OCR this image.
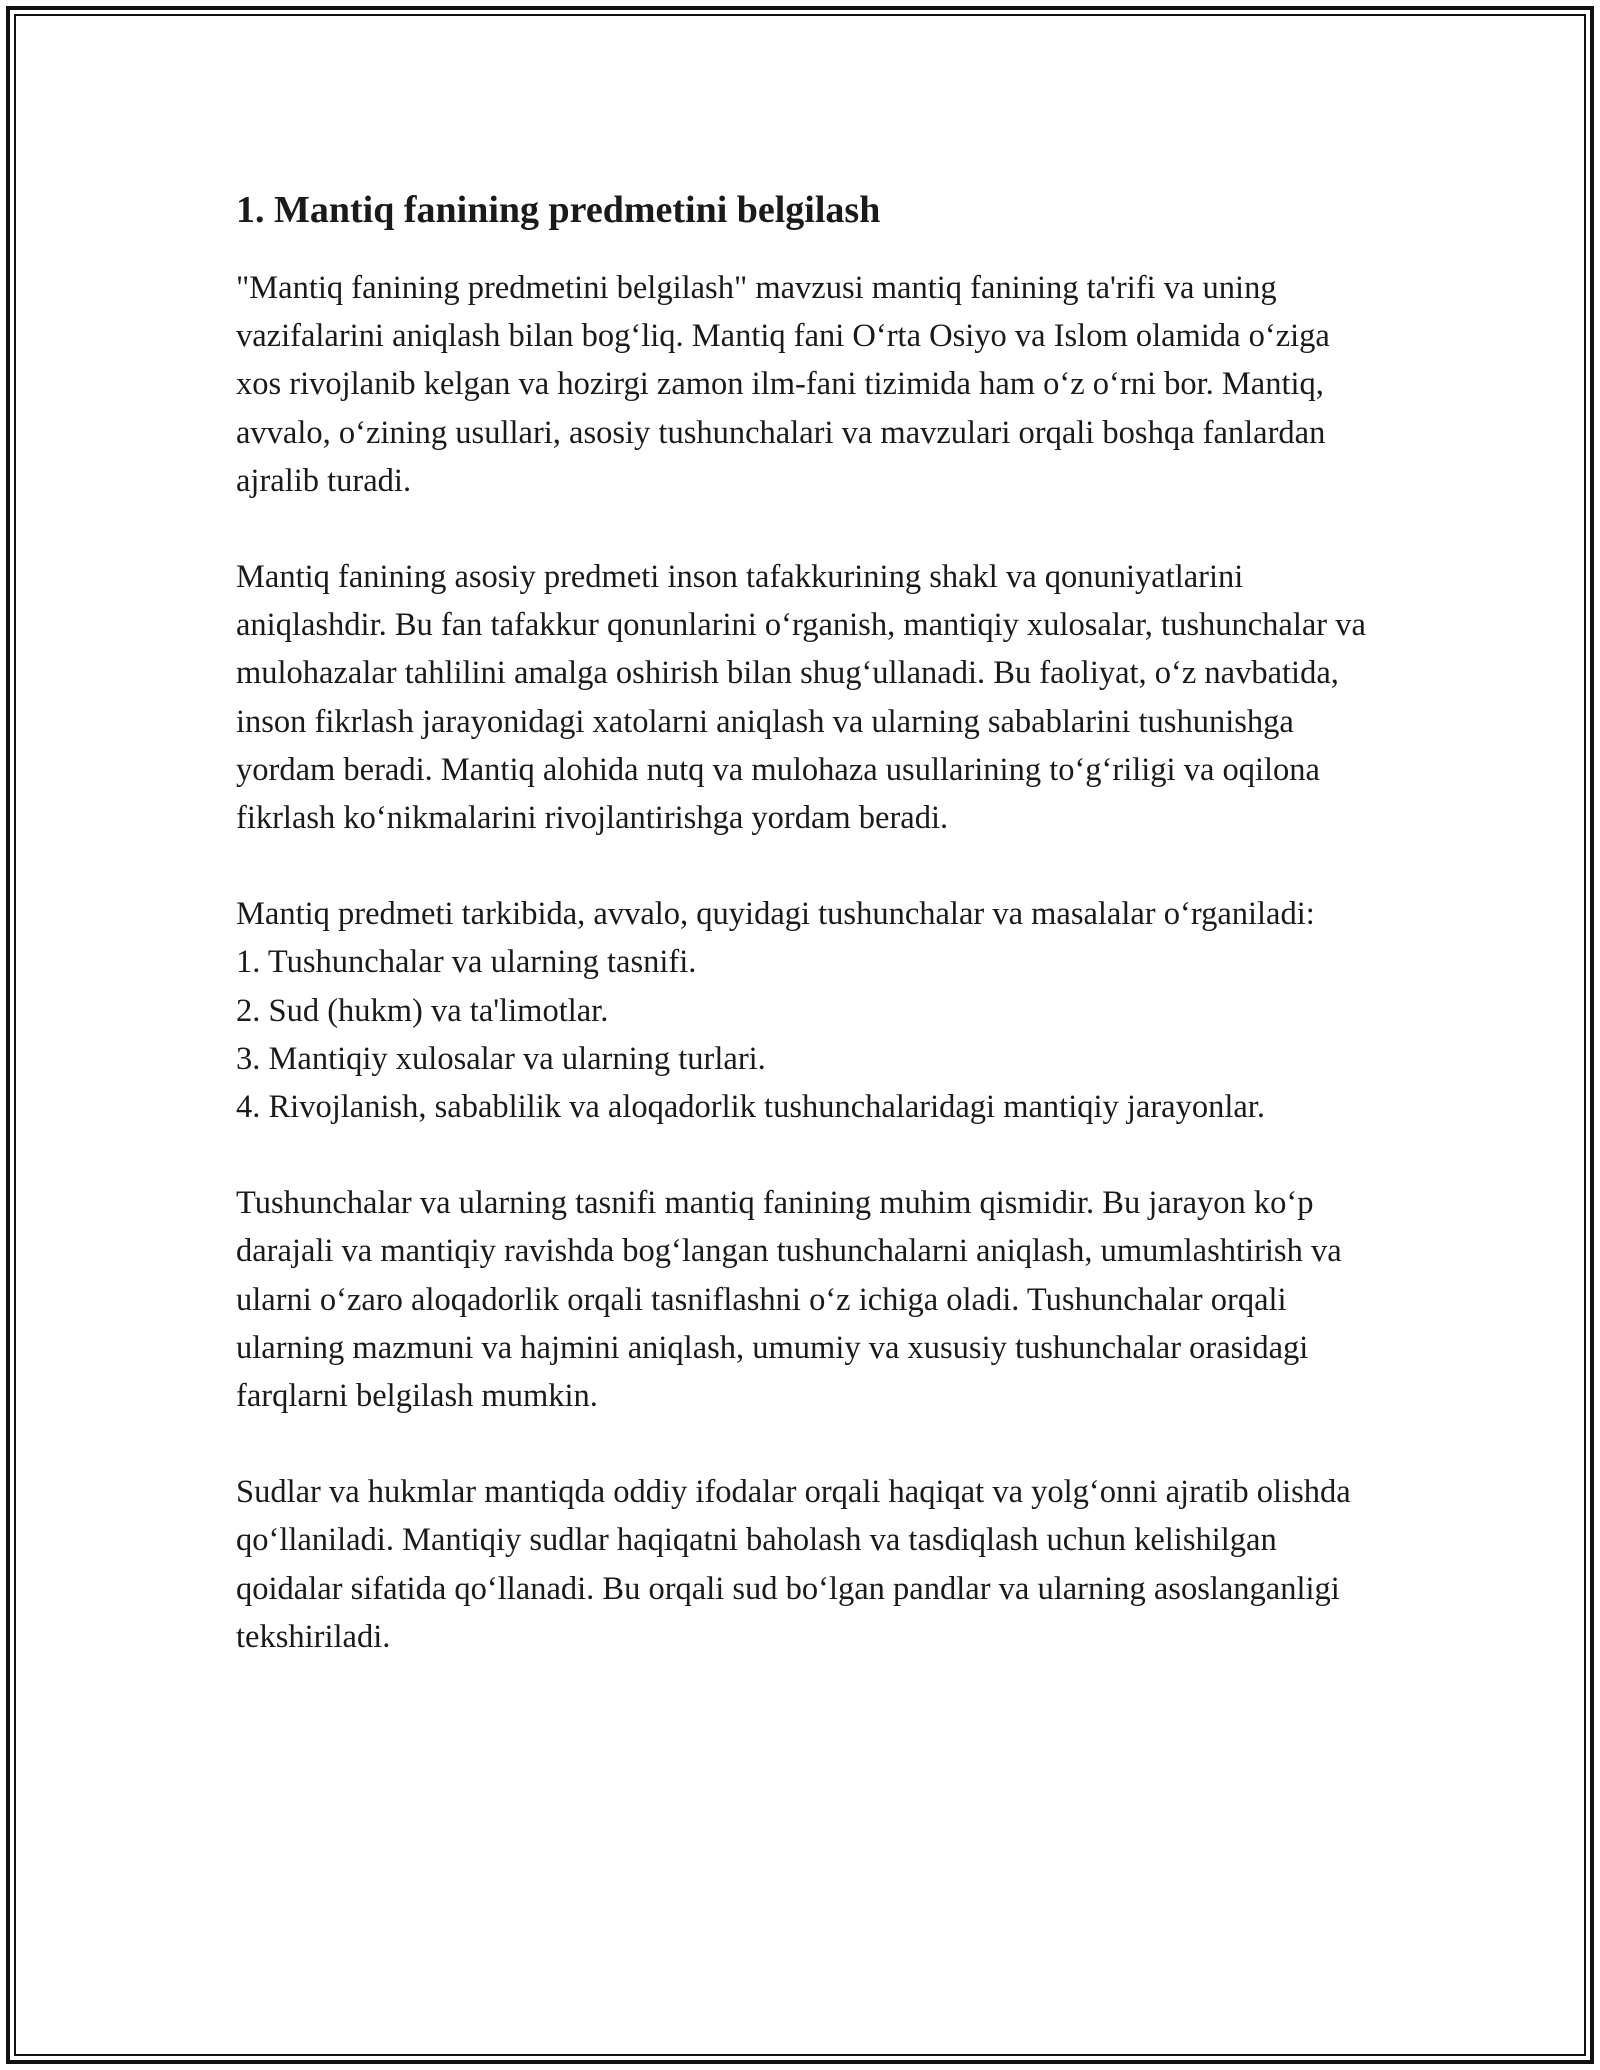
1. Mantiq fanining predmetini belgilash

"Mantiq fanining predmetini belgilash" mavzusi mantiq fanining ta'rifi va uning vazifalarini aniqlash bilan bog‘liq. Mantiq fani O‘rta Osiyo va Islom olamida o‘ziga xos rivojlanib kelgan va hozirgi zamon ilm-fani tizimida ham o‘z o‘rni bor. Mantiq, avvalo, o‘zining usullari, asosiy tushunchalari va mavzulari orqali boshqa fanlardan ajralib turadi.

Mantiq fanining asosiy predmeti inson tafakkurining shakl va qonuniyatlarini aniqlashdir. Bu fan tafakkur qonunlarini o‘rganish, mantiqiy xulosalar, tushunchalar va mulohazalar tahlilini amalga oshirish bilan shug‘ullanadi. Bu faoliyat, o‘z navbatida, inson fikrlash jarayonidagi xatolarni aniqlash va ularning sabablarini tushunishga yordam beradi. Mantiq alohida nutq va mulohaza usullarining to‘g‘riligi va oqilona fikrlash ko‘nikmalarini rivojlantirishga yordam beradi.

Mantiq predmeti tarkibida, avvalo, quyidagi tushunchalar va masalalar o‘rganiladi:

1. Tushunchalar va ularning tasnifi.
2. Sud (hukm) va ta'limotlar.
3. Mantiqiy xulosalar va ularning turlari.
4. Rivojlanish, sabablilik va aloqadorlik tushunchalaridagi mantiqiy jarayonlar.

Tushunchalar va ularning tasnifi mantiq fanining muhim qismidir. Bu jarayon ko‘p darajali va mantiqiy ravishda bog‘langan tushunchalarni aniqlash, umumlashtirish va ularni o‘zaro aloqadorlik orqali tasniflashni o‘z ichiga oladi. Tushunchalar orqali ularning mazmuni va hajmini aniqlash, umumiy va xususiy tushunchalar orasidagi farqlarni belgilash mumkin.

Sudlar va hukmlar mantiqda oddiy ifodalar orqali haqiqat va yolg‘onni ajratib olishda qo‘llaniladi. Mantiqiy sudlar haqiqatni baholash va tasdiqlash uchun kelishilgan qoidalar sifatida qo‘llanadi. Bu orqali sud bo‘lgan pandlar va ularning asoslanganligi tekshiriladi.
